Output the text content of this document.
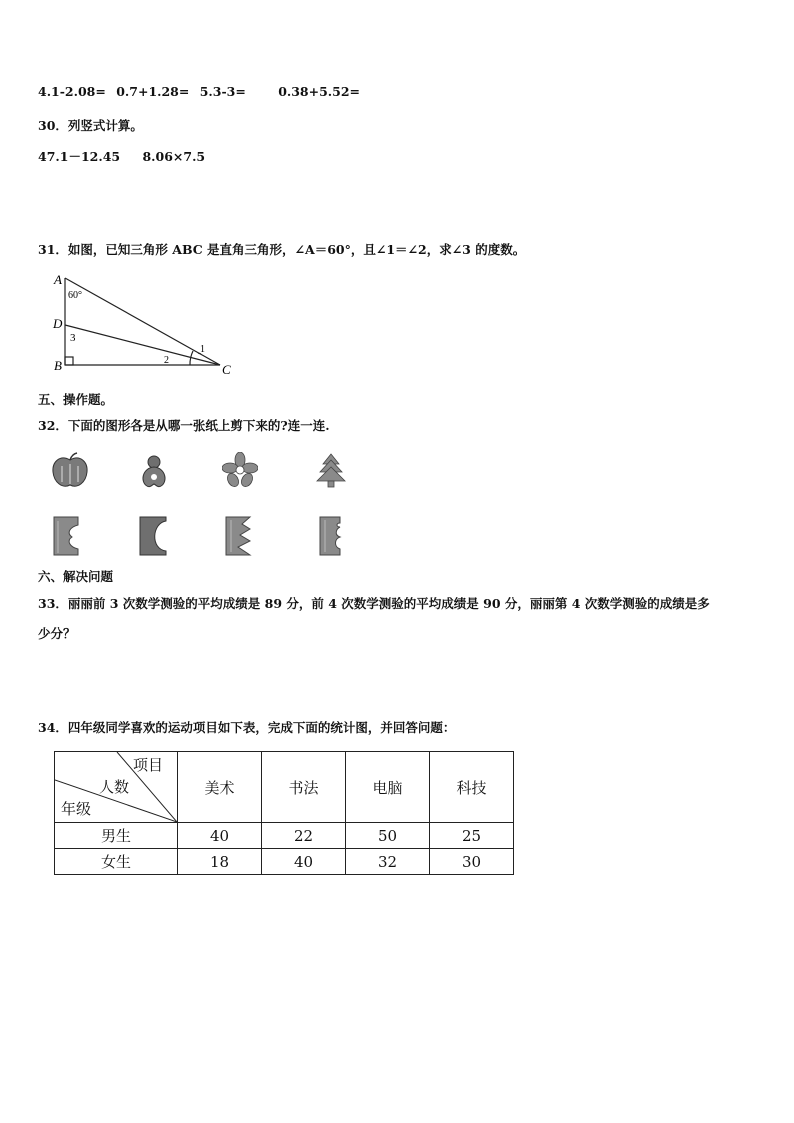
4.1-2.08= 0.7+1.28= 5.3-3=	0.38+5.52=
30．列竖式计算。
47.1－12.45 8.06×7.5
31．如图，已知三角形 ABC 是直角三角形，∠A＝60°，且∠1＝∠2，求∠3 的度数。
A
60°
D
3
B	C
1
2
五、操作题。
32．下面的图形各是从哪一张纸上剪下来的?连一连.
六、解决问题
33．丽丽前 3 次数学测验的平均成绩是 89 分，前 4 次数学测验的平均成绩是 90 分，丽丽第 4 次数学测验的成绩是多
少分？
34．四年级同学喜欢的运动项目如下表，完成下面的统计图，并回答问题：
项目
人数
年级	美术	书法	电脑	科技
男生	40	22	50	25
女生	18	40	32	30
